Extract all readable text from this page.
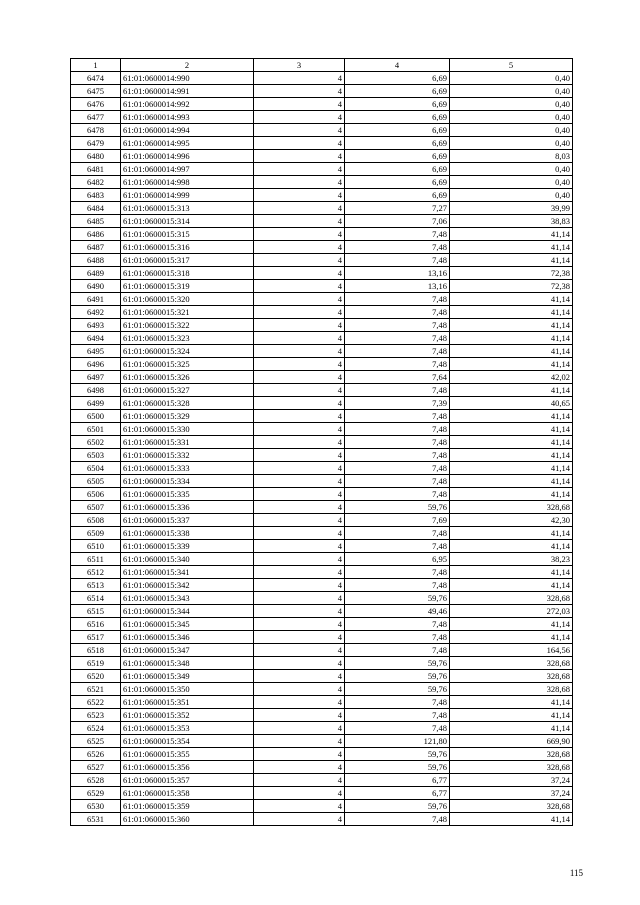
1	2	3	4	5
6474	61:01:0600014:990	4	6,69	0,40
6475	61:01:0600014:991	4	6,69	0,40
6476	61:01:0600014:992	4	6,69	0,40
6477	61:01:0600014:993	4	6,69	0,40
6478	61:01:0600014:994	4	6,69	0,40
6479	61:01:0600014:995	4	6,69	0,40
6480	61:01:0600014:996	4	6,69	8,03
6481	61:01:0600014:997	4	6,69	0,40
6482	61:01:0600014:998	4	6,69	0,40
6483	61:01:0600014:999	4	6,69	0,40
6484	61:01:0600015:313	4	7,27	39,99
6485	61:01:0600015:314	4	7,06	38,83
6486	61:01:0600015:315	4	7,48	41,14
6487	61:01:0600015:316	4	7,48	41,14
6488	61:01:0600015:317	4	7,48	41,14
6489	61:01:0600015:318	4	13,16	72,38
6490	61:01:0600015:319	4	13,16	72,38
6491	61:01:0600015:320	4	7,48	41,14
6492	61:01:0600015:321	4	7,48	41,14
6493	61:01:0600015:322	4	7,48	41,14
6494	61:01:0600015:323	4	7,48	41,14
6495	61:01:0600015:324	4	7,48	41,14
6496	61:01:0600015:325	4	7,48	41,14
6497	61:01:0600015:326	4	7,64	42,02
6498	61:01:0600015:327	4	7,48	41,14
6499	61:01:0600015:328	4	7,39	40,65
6500	61:01:0600015:329	4	7,48	41,14
6501	61:01:0600015:330	4	7,48	41,14
6502	61:01:0600015:331	4	7,48	41,14
6503	61:01:0600015:332	4	7,48	41,14
6504	61:01:0600015:333	4	7,48	41,14
6505	61:01:0600015:334	4	7,48	41,14
6506	61:01:0600015:335	4	7,48	41,14
6507	61:01:0600015:336	4	59,76	328,68
6508	61:01:0600015:337	4	7,69	42,30
6509	61:01:0600015:338	4	7,48	41,14
6510	61:01:0600015:339	4	7,48	41,14
6511	61:01:0600015:340	4	6,95	38,23
6512	61:01:0600015:341	4	7,48	41,14
6513	61:01:0600015:342	4	7,48	41,14
6514	61:01:0600015:343	4	59,76	328,68
6515	61:01:0600015:344	4	49,46	272,03
6516	61:01:0600015:345	4	7,48	41,14
6517	61:01:0600015:346	4	7,48	41,14
6518	61:01:0600015:347	4	7,48	164,56
6519	61:01:0600015:348	4	59,76	328,68
6520	61:01:0600015:349	4	59,76	328,68
6521	61:01:0600015:350	4	59,76	328,68
6522	61:01:0600015:351	4	7,48	41,14
6523	61:01:0600015:352	4	7,48	41,14
6524	61:01:0600015:353	4	7,48	41,14
6525	61:01:0600015:354	4	121,80	669,90
6526	61:01:0600015:355	4	59,76	328,68
6527	61:01:0600015:356	4	59,76	328,68
6528	61:01:0600015:357	4	6,77	37,24
6529	61:01:0600015:358	4	6,77	37,24
6530	61:01:0600015:359	4	59,76	328,68
6531	61:01:0600015:360	4	7,48	41,14
115
